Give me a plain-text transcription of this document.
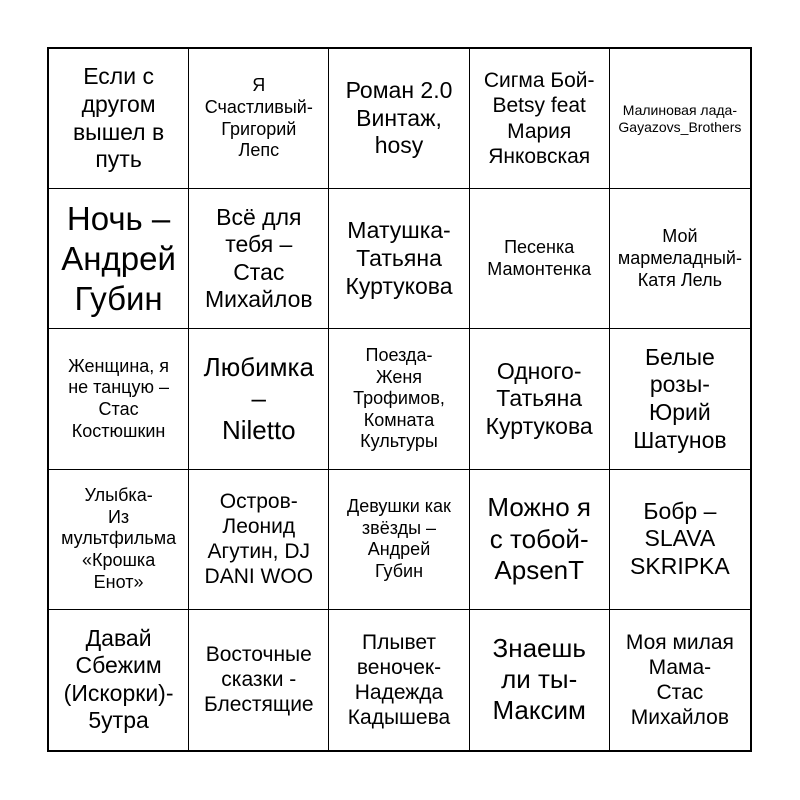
Если с
другом
вышел в
путь
Я
Счастливый-
Григорий
Лепс
Роман 2.0
Винтаж,
hosy
Сигма Бой-
Betsy feat
Мария
Янковская
Малиновая лада-
Gayazovs_Brothers
Ночь –
Андрей
Губин
Всё для
тебя –
Стас
Михайлов
Матушка-
Татьяна
Куртукова
Песенка
Мамонтенка
Мой
мармеладный-
Катя Лель
Женщина, я
не танцую –
Стас
Костюшкин
Любимка
–
Niletto
Поезда-
Женя
Трофимов,
Комната
Культуры
Одного-
Татьяна
Куртукова
Белые
розы-
Юрий
Шатунов
Улыбка-
Из
мультфильма
«Крошка
Енот»
Остров-
Леонид
Агутин, DJ
DANI WOO
Девушки как
звёзды –
Андрей
Губин
Можно я
с тобой-
ApsenT
Бобр –
SLAVA
SKRIPKA
Давай
Сбежим
(Искорки)-
5утра
Восточные
сказки -
Блестящие
Плывет
веночек-
Надежда
Кадышева
Знаешь
ли ты-
Максим
Моя милая
Мама-
Стас
Михайлов
